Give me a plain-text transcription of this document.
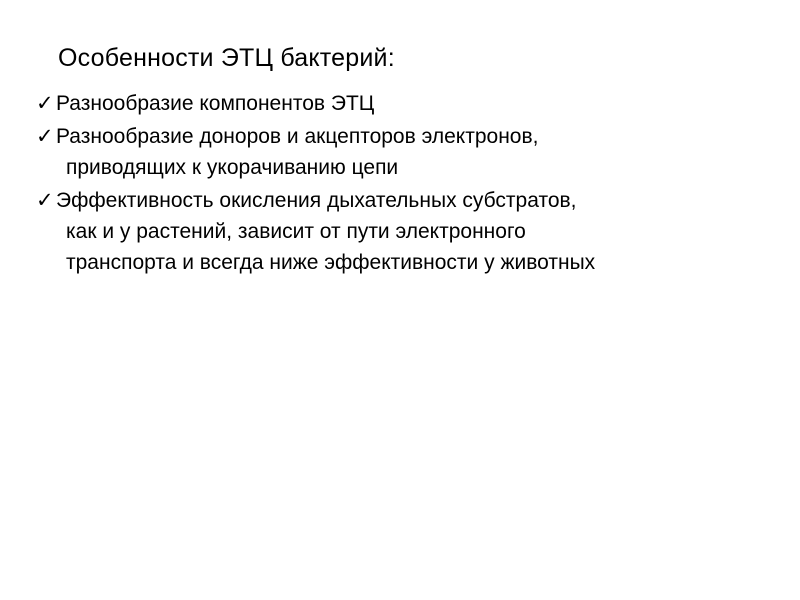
Особенности ЭТЦ бактерий:
✓ Разнообразие компонентов ЭТЦ
✓ Разнообразие доноров и акцепторов электронов,
приводящих к укорачиванию цепи
✓ Эффективность окисления дыхательных субстратов,
как и у растений, зависит от пути электронного
транспорта и всегда ниже эффективности у животных
